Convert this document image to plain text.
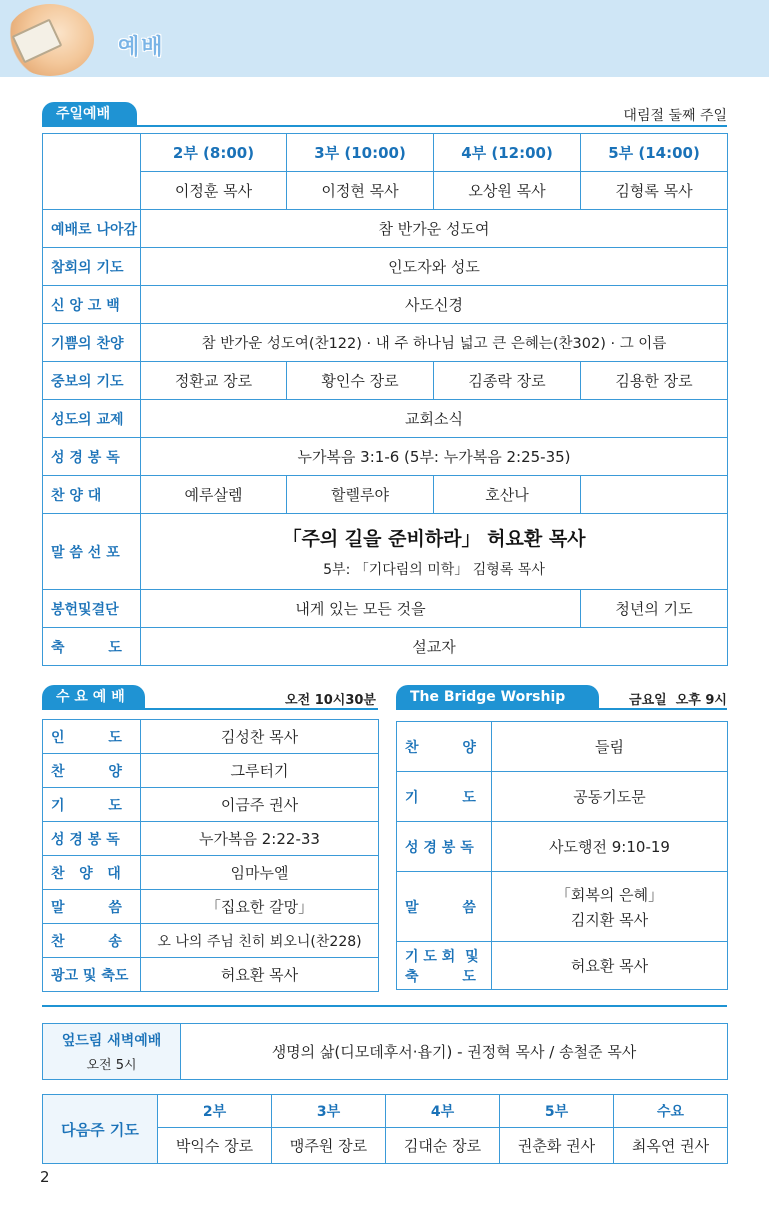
예배
주일예배	대림절 둘째 주일
	2부 (8:00)	3부 (10:00)	4부 (12:00)	5부 (14:00)
	이정훈 목사	이정현 목사	오상원 목사	김형록 목사
예배로 나아감	참 반가운 성도여			
참회의 기도	인도자와 성도			
신 앙 고 백	사도신경			
기쁨의 찬양	참 반가운 성도여(찬122) · 내 주 하나님 넓고 큰 은혜는(찬302) · 그 이름			
중보의 기도	정환교 장로	황인수 장로	김종락 장로	김용한 장로
성도의 교제	교회소식			
성 경 봉 독	누가복음 3:1-6 (5부: 누가복음 2:25-35)			
찬 양 대	예루살렘	할렐루야	호산나	
말 씀 선 포	「주의 길을 준비하라」 허요환 목사
5부: 「기다림의 미학」 김형록 목사			

봉헌및결단	내게 있는 모든 것을			청년의 기도
축         도	설교자			
수 요 예 배	오전 10시30분
인         도	김성찬 목사
찬         양	그루터기
기         도	이금주 권사
성 경 봉 독	누가복음 2:22-33
찬   양   대	임마누엘
말         씀	「집요한 갈망」
찬         송	오 나의 주님 친히 뵈오니(찬228)
광고 및 축도	허요환 목사
The Bridge Worship	금요일  오후 9시
찬         양	들림
기         도	공동기도문
성 경 봉 독	사도행전 9:10-19
말         씀	「회복의 은혜」
김지환 목사

기 도 회  및
축         도	허요환 목사
엎드림 새벽예배
오전 5시
	생명의 삶(디모데후서·욥기) - 권정혁 목사 / 송철준 목사
다음주 기도	2부	3부	4부	5부	수요
	박익수 장로	맹주원 장로	김대순 장로	권춘화 권사	최옥연 권사
2
